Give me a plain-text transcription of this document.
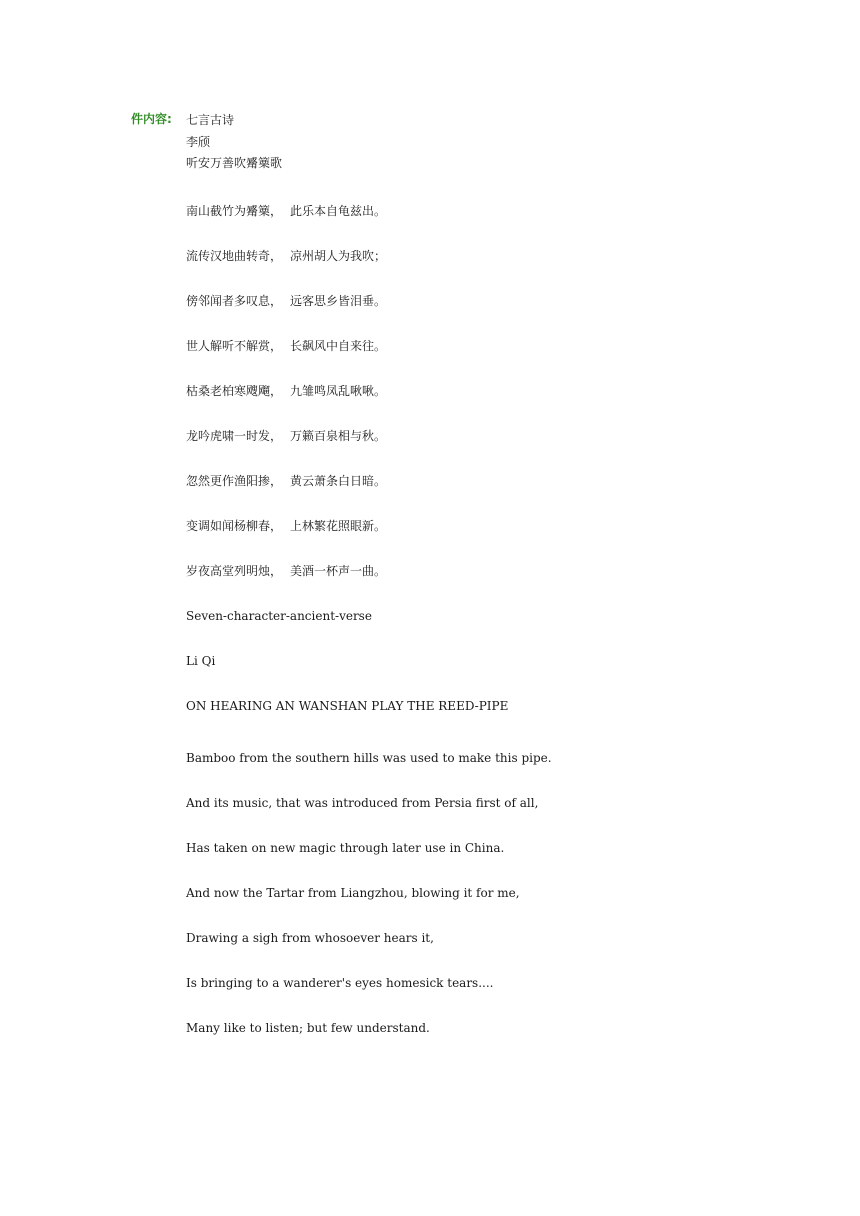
件内容: 七言古诗
李颀
听安万善吹觱篥歌
南山截竹为觱篥， 此乐本自龟兹出。
流传汉地曲转奇， 凉州胡人为我吹；
傍邻闻者多叹息， 远客思乡皆泪垂。
世人解听不解赏， 长飙风中自来往。
枯桑老柏寒飕飗， 九雏鸣凤乱啾啾。
龙吟虎啸一时发， 万籁百泉相与秋。
忽然更作渔阳掺， 黄云萧条白日暗。
变调如闻杨柳春， 上林繁花照眼新。
岁夜高堂列明烛， 美酒一杯声一曲。
Seven-character-ancient-verse
Li Qi
ON HEARING AN WANSHAN PLAY THE REED-PIPE
Bamboo from the southern hills was used to make this pipe.
And its music, that was introduced from Persia first of all,
Has taken on new magic through later use in China.
And now the Tartar from Liangzhou, blowing it for me,
Drawing a sigh from whosoever hears it,
Is bringing to a wanderer's eyes homesick tears....
Many like to listen; but few understand.
